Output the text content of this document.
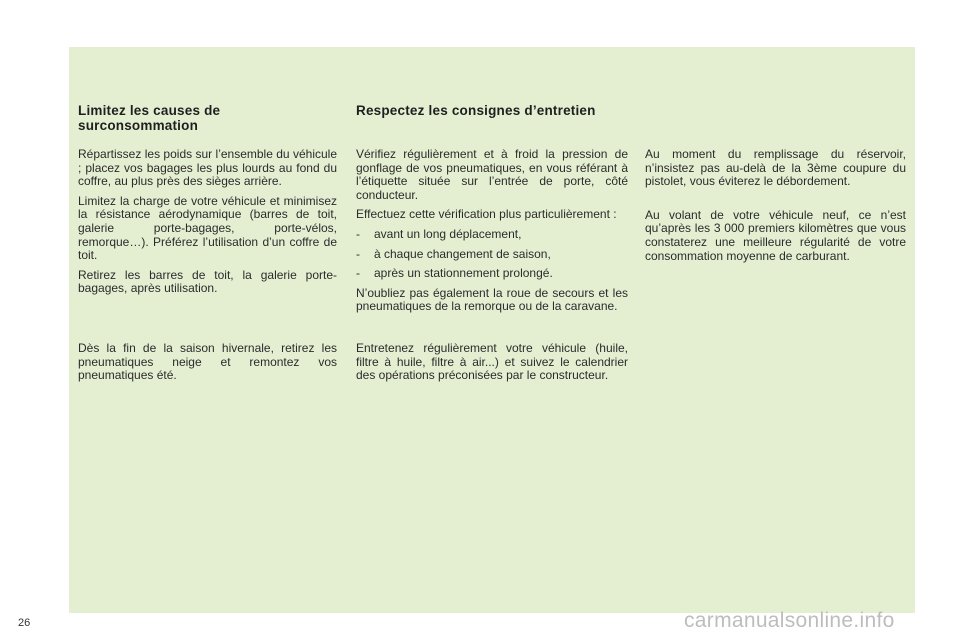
Limitez les causes de surconsommation
Respectez les consignes d’entretien

Répartissez les poids sur l’ensemble du véhicule ; placez vos bagages les plus lourds au fond du coffre, au plus près des sièges arrière.

Limitez la charge de votre véhicule et minimisez la résistance aérodynamique (barres de toit, galerie porte-bagages, porte-vélos, remorque…). Préférez l’utilisation d’un coffre de toit.

Retirez les barres de toit, la galerie porte-bagages, après utilisation.

Dès la fin de la saison hivernale, retirez les pneumatiques neige et remontez vos pneumatiques été.

Vérifiez régulièrement et à froid la pression de gonflage de vos pneumatiques, en vous référant à l’étiquette située sur l’entrée de porte, côté conducteur.

Effectuez cette vérification plus particulièrement :

- avant un long déplacement,
- à chaque changement de saison,
- après un stationnement prolongé.

N’oubliez pas également la roue de secours et les pneumatiques de la remorque ou de la caravane.

Entretenez régulièrement votre véhicule (huile, filtre à huile, filtre à air...) et suivez le calendrier des opérations préconisées par le constructeur.

Au moment du remplissage du réservoir, n’insistez pas au-delà de la 3ème coupure du pistolet, vous éviterez le débordement.

Au volant de votre véhicule neuf, ce n’est qu’après les 3 000 premiers kilomètres que vous constaterez une meilleure régularité de votre consommation moyenne de carburant.

26	carmanualsonline.info
